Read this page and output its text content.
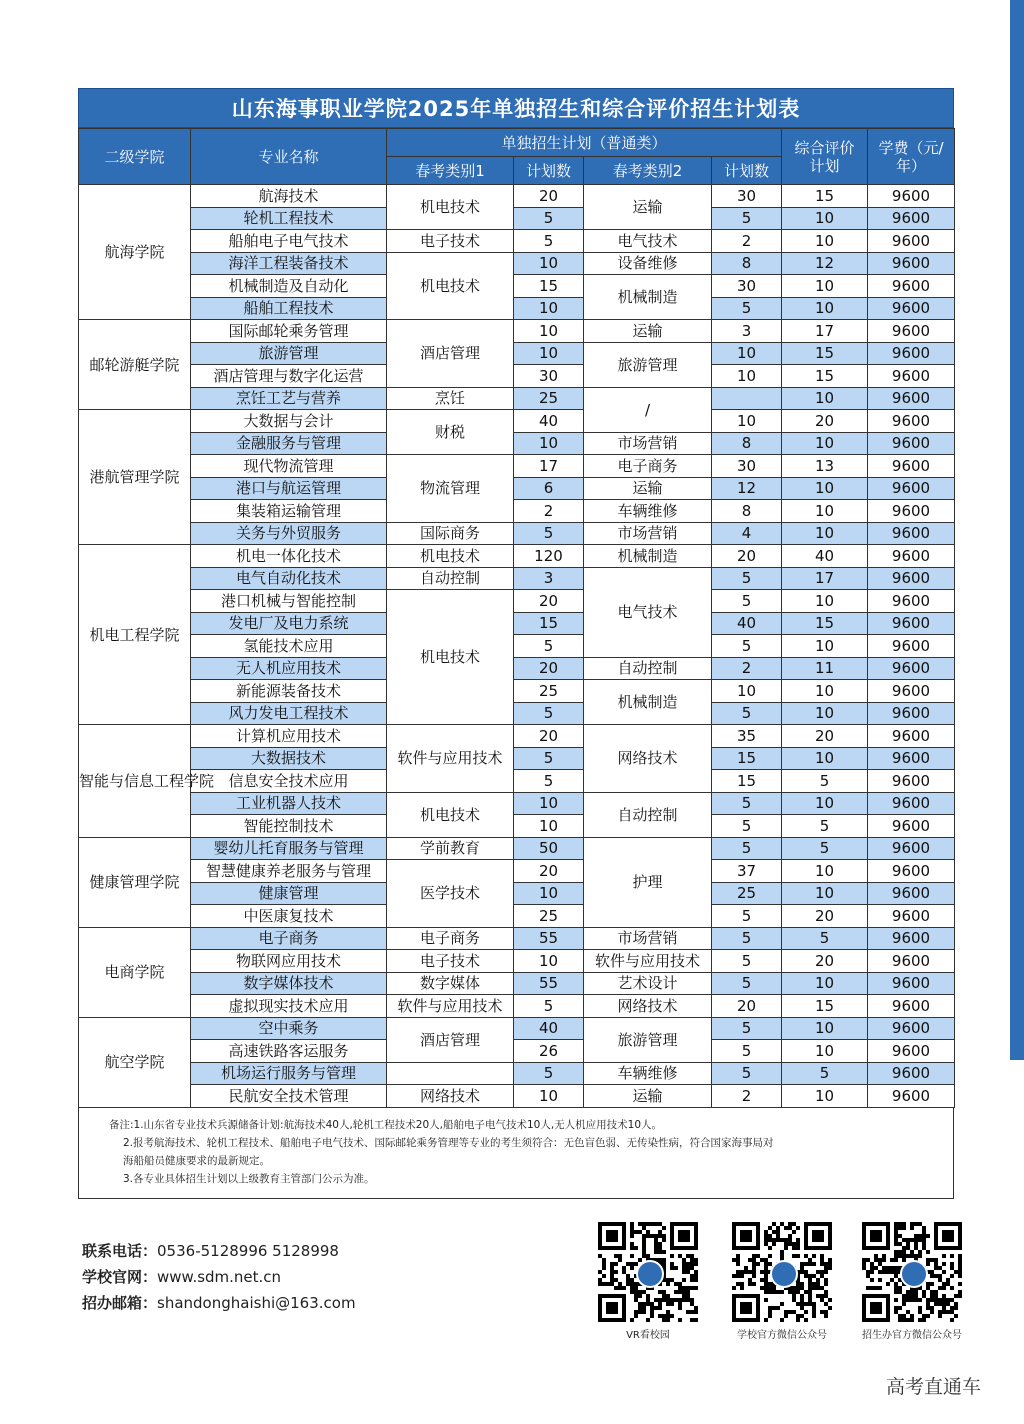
山东海事职业学院2025年单独招生和综合评价招生计划表
二级学院	专业名称	单独招生计划（普通类）				综合评价计划	学费（元/年）
		春考类别1	计划数	春考类别2	计划数		
航海学院	航海技术	机电技术	20	运输	30	15	9600
	轮机工程技术		5		5	10	9600
	船舶电子电气技术	电子技术	5	电气技术	2	10	9600
	海洋工程装备技术	机电技术	10	设备维修	8	12	9600
	机械制造及自动化		15	机械制造	30	10	9600
	船舶工程技术		10		5	10	9600
邮轮游艇学院	国际邮轮乘务管理	酒店管理	10	运输	3	17	9600
	旅游管理		10	旅游管理	10	15	9600
	酒店管理与数字化运营		30		10	15	9600
	烹饪工艺与营养	烹饪	25	/		10	9600
港航管理学院	大数据与会计	财税	40		10	20	9600
	金融服务与管理		10	市场营销	8	10	9600
	现代物流管理	物流管理	17	电子商务	30	13	9600
	港口与航运管理		6	运输	12	10	9600
	集装箱运输管理		2	车辆维修	8	10	9600
	关务与外贸服务	国际商务	5	市场营销	4	10	9600
机电工程学院	机电一体化技术	机电技术	120	机械制造	20	40	9600
	电气自动化技术	自动控制	3	电气技术	5	17	9600
	港口机械与智能控制	机电技术	20		5	10	9600
	发电厂及电力系统		15		40	15	9600
	氢能技术应用		5		5	10	9600
	无人机应用技术		20	自动控制	2	11	9600
	新能源装备技术		25	机械制造	10	10	9600
	风力发电工程技术		5		5	10	9600
智能与信息工程学院	计算机应用技术	软件与应用技术	20	网络技术	35	20	9600
	大数据技术		5		15	10	9600
	信息安全技术应用		5		15	5	9600
	工业机器人技术	机电技术	10	自动控制	5	10	9600
	智能控制技术		10		5	5	9600
健康管理学院	婴幼儿托育服务与管理	学前教育	50	护理	5	5	9600
	智慧健康养老服务与管理	医学技术	20		37	10	9600
	健康管理		10		25	10	9600
	中医康复技术		25		5	20	9600
电商学院	电子商务	电子商务	55	市场营销	5	5	9600
	物联网应用技术	电子技术	10	软件与应用技术	5	20	9600
	数字媒体技术	数字媒体	55	艺术设计	5	10	9600
	虚拟现实技术应用	软件与应用技术	5	网络技术	20	15	9600
航空学院	空中乘务	酒店管理	40	旅游管理	5	10	9600
	高速铁路客运服务		26		5	10	9600
	机场运行服务与管理		5	车辆维修	5	5	9600
	民航安全技术管理	网络技术	10	运输	2	10	9600

备注:1.山东省专业技术兵源储备计划:航海技术40人,轮机工程技术20人,船舶电子电气技术10人,无人机应用技术10人。

2.报考航海技术、轮机工程技术、船舶电子电气技术、国际邮轮乘务管理等专业的考生须符合：无色盲色弱、无传染性病，符合国家海事局对

海船船员健康要求的最新规定。

3.各专业具体招生计划以上级教育主管部门公示为准。

联系电话：0536-5128996 5128998
学校官网：www.sdm.net.cn
招办邮箱：shandonghaishi@163.com
VR看校园	学校官方微信公众号	招生办官方微信公众号
高考直通车
